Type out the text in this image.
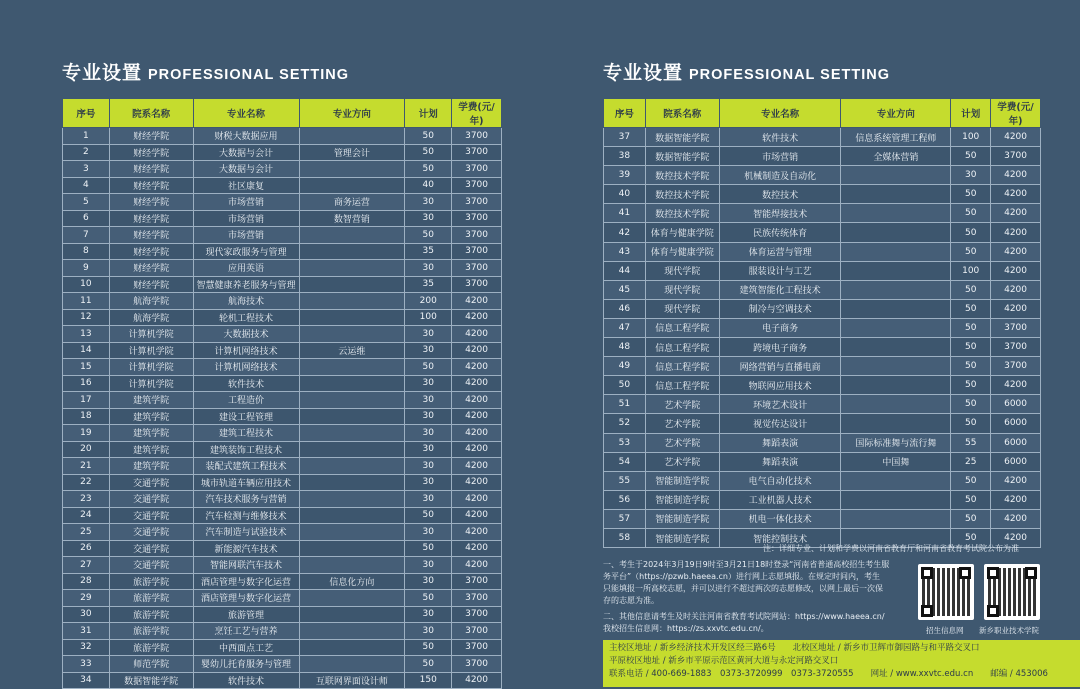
专业设置 PROFESSIONAL SETTING
序号	院系名称	专业名称	专业方向	计划	学费(元/年)
1	财经学院	财税大数据应用		50	3700
2	财经学院	大数据与会计	管理会计	50	3700
3	财经学院	大数据与会计		50	3700
4	财经学院	社区康复		40	3700
5	财经学院	市场营销	商务运营	30	3700
6	财经学院	市场营销	数智营销	30	3700
7	财经学院	市场营销		50	3700
8	财经学院	现代家政服务与管理		35	3700
9	财经学院	应用英语		30	3700
10	财经学院	智慧健康养老服务与管理		35	3700
11	航海学院	航海技术		200	4200
12	航海学院	轮机工程技术		100	4200
13	计算机学院	大数据技术		30	4200
14	计算机学院	计算机网络技术	云运维	30	4200
15	计算机学院	计算机网络技术		50	4200
16	计算机学院	软件技术		30	4200
17	建筑学院	工程造价		30	4200
18	建筑学院	建设工程管理		30	4200
19	建筑学院	建筑工程技术		30	4200
20	建筑学院	建筑装饰工程技术		30	4200
21	建筑学院	装配式建筑工程技术		30	4200
22	交通学院	城市轨道车辆应用技术		30	4200
23	交通学院	汽车技术服务与营销		30	4200
24	交通学院	汽车检测与维修技术		50	4200
25	交通学院	汽车制造与试验技术		30	4200
26	交通学院	新能源汽车技术		50	4200
27	交通学院	智能网联汽车技术		30	4200
28	旅游学院	酒店管理与数字化运营	信息化方向	30	3700
29	旅游学院	酒店管理与数字化运营		50	3700
30	旅游学院	旅游管理		30	3700
31	旅游学院	烹饪工艺与营养		30	3700
32	旅游学院	中西面点工艺		50	3700
33	师范学院	婴幼儿托育服务与管理		50	3700
34	数据智能学院	软件技术	互联网界面设计师	150	4200
专业设置 PROFESSIONAL SETTING
序号	院系名称	专业名称	专业方向	计划	学费(元/年)
37	数据智能学院	软件技术	信息系统管理工程师	100	4200
38	数据智能学院	市场营销	全媒体营销	50	3700
39	数控技术学院	机械制造及自动化		30	4200
40	数控技术学院	数控技术		50	4200
41	数控技术学院	智能焊接技术		50	4200
42	体育与健康学院	民族传统体育		50	4200
43	体育与健康学院	体育运营与管理		50	4200
44	现代学院	服装设计与工艺		100	4200
45	现代学院	建筑智能化工程技术		50	4200
46	现代学院	制冷与空调技术		50	4200
47	信息工程学院	电子商务		50	3700
48	信息工程学院	跨境电子商务		50	3700
49	信息工程学院	网络营销与直播电商		50	3700
50	信息工程学院	物联网应用技术		50	4200
51	艺术学院	环境艺术设计		50	6000
52	艺术学院	视觉传达设计		50	6000
53	艺术学院	舞蹈表演	国际标准舞与流行舞	55	6000
54	艺术学院	舞蹈表演	中国舞	25	6000
55	智能制造学院	电气自动化技术		50	4200
56	智能制造学院	工业机器人技术		50	4200
57	智能制造学院	机电一体化技术		50	4200
58	智能制造学院	智能控制技术		50	4200
注：详细专业、计划和学费以河南省教育厅和河南省教育考试院公布为准
一、考生于2024年3月19日9时至3月21日18时登录“河南省普通高校招生考生服
务平台”（https://pzwb.haeea.cn）进行网上志愿填报。在规定时间内，考生
只能填报一所高校志愿，并可以进行不超过两次的志愿修改，以网上最后一次保
存的志愿为准。
二、其他信息请考生及时关注河南省教育考试院网站：https://www.haeea.cn/
我校招生信息网：https://zs.xxvtc.edu.cn/。	招生信息网 新乡职业技术学院
主校区地址 / 新乡经济技术开发区经三路6号　　北校区地址 / 新乡市卫辉市御园路与和平路交叉口
平原校区地址 / 新乡市平原示范区黄河大道与永定河路交叉口
联系电话 / 400-669-1883　0373-3720999　0373-3720555　　网址 / www.xxvtc.edu.cn　　邮编 / 453006
